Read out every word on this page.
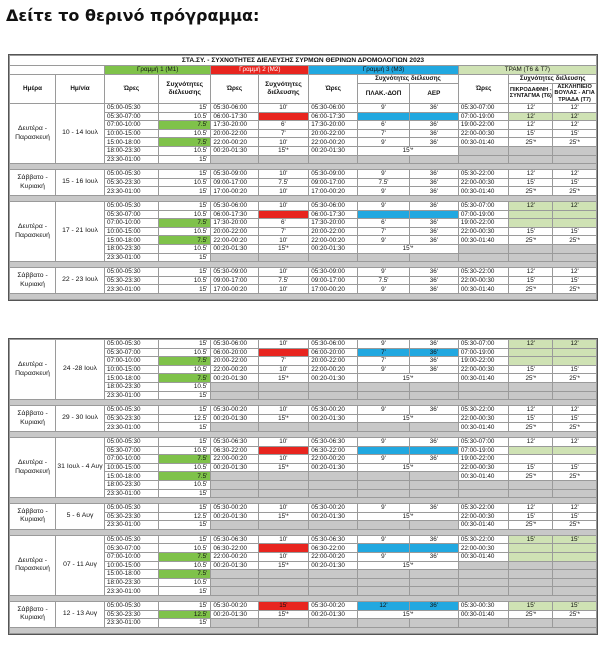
Δείτε το θερινό πρόγραμμα:
ΣΤΑ.ΣΥ. - ΣΥΧΝΟΤΗΤΕΣ ΔΙΕΛΕΥΣΗΣ ΣΥΡΜΩΝ ΘΕΡΙΝΩΝ ΔΡΟΜΟΛΟΓΙΩΝ 2023											
		Γραμμή 1 (Μ1)		Γραμμή 2 (Μ2)		Γραμμή 3 (Μ3)			ΤΡΑΜ (Τ6 & Τ7)		
Ημέρα	Ημ/νία	Ώρες	Συχνότητες διέλευσης	Ώρες	Συχνότητες διέλευσης	Ώρες	Συχνότητες διέλευσης		Ώρες	Συχνότητες διέλευσης	
							ΠΛΑΚ.-ΔΟΠ	ΑΕΡ		ΠΙΚΡΟΔΑΦΝΗ - ΣΥΝΤΑΓΜΑ (Τ6)	ΑΣΚΛΗΠΙΕΙΟ ΒΟΥΛΑΣ - ΑΓΙΑ ΤΡΙΑΔΑ (Τ7)
Δευτέρα - Παρασκευή	10 - 14 Ιουλ	05:00-05:30	15'	05:30-06:00	10'	05:30-06:00	9'	36'	05:30-07:00	12'	12'
		05:30-07:00	10.5'	06:00-17:30		06:00-17:30			07:00-19:00	12'	12'
		07:00-10:00	7.5'	17:30-20:00	6'	17:30-20:00	6'	36'	19:00-22:00	12'	12'
		10:00-15:00	10.5'	20:00-22:00	7'	20:00-22:00	7'	36'	22:00-00:30	15'	15'
		15:00-18:00	7.5'	22:00-00:20	10'	22:00-00:20	9'	36'	00:30-01:40	25'*	25'*
		18:00-23:30	10.5'	00:20-01:30	15'*	00:20-01:30	15'*				
		23:30-01:00	15'								

Σάββατο - Κυριακή	15 - 16 Ιουλ	05:00-05:30	15'	05:30-09:00	10'	05:30-09:00	9'	36'	05:30-22:00	12'	12'
		05:30-23:30	10.5'	09:00-17:00	7.5'	09:00-17:00	7.5'	36'	22:00-00:30	15'	15'
		23:30-01:00	15'	17:00-00:20	10'	17:00-00:20	9'	36'	00:30-01:40	25'*	25'*

Δευτέρα - Παρασκευή	17 - 21 Ιουλ	05:00-05:30	15'	05:30-06:00	10'	05:30-06:00	9'	36'	05:30-07:00	12'	12'
		05:30-07:00	10.5'	06:00-17:30		06:00-17:30			07:00-19:00		
		07:00-10:00	7.5'	17:30-20:00	6'	17:30-20:00	6'	36'	19:00-22:00		
		10:00-15:00	10.5'	20:00-22:00	7'	20:00-22:00	7'	36'	22:00-00:30	15'	15'
		15:00-18:00	7.5'	22:00-00:20	10'	22:00-00:20	9'	36'	00:30-01:40	25'*	25'*
		18:00-23:30	10.5'	00:20-01:30	15'*	00:20-01:30	15'*				
		23:30-01:00	15'								

Σάββατο - Κυριακή	22 - 23 Ιουλ	05:00-05:30	15'	05:30-09:00	10'	05:30-09:00	9'	36'	05:30-22:00	12'	12'
		05:30-23:30	10.5'	09:00-17:00	7.5'	09:00-17:00	7.5'	36'	22:00-00:30	15'	15'
		23:30-01:00	15'	17:00-00:20	10'	17:00-00:20	9'	36'	00:30-01:40	25'*	25'*

Δευτέρα - Παρασκευή	24 -28 Ιουλ	05:00-05:30	15'	05:30-06:00	10'	05:30-06:00	9'	36'	05:30-07:00	12'	12'
		05:30-07:00	10.5'	06:00-20:00		06:00-20:00	7'	36'	07:00-19:00		
		07:00-10:00	7.5'	20:00-22:00	7'	20:00-22:00	7'	36'	19:00-22:00		
		10:00-15:00	10.5'	22:00-00:20	10'	22:00-00:20	9'	36'	22:00-00:30	15'	15'
		15:00-18:00	7.5'	00:20-01:30	15'*	00:20-01:30	15'*		00:30-01:40	25'*	25'*
		18:00-23:30	10.5'								
		23:30-01:00	15'								

Σάββατο - Κυριακή	29 - 30 Ιουλ	05:00-05:30	15'	05:30-00:20	10'	05:30-00:20	9'	36'	05:30-22:00	12'	12'
		05:30-23:30	12.5'	00:20-01:30	15'*	00:20-01:30	15'*		22:00-00:30	15'	15'
		23:30-01:00	15'						00:30-01:40	25'*	25'*

Δευτέρα - Παρασκευή	31 Ιουλ - 4 Αυγ	05:00-05:30	15'	05:30-06:30	10'	05:30-06:30	9'	36'	05:30-07:00	12'	12'
		05:30-07:00	10.5'	06:30-22:00		06:30-22:00			07:00-19:00		
		07:00-10:00	7.5'	22:00-00:20	10'	22:00-00:20	9'	36'	19:00-22:00		
		10:00-15:00	10.5'	00:20-01:30	15'*	00:20-01:30	15'*		22:00-00:30	15'	15'
		15:00-18:00	7.5'						00:30-01:40	25'*	25'*
		18:00-23:30	10.5'								
		23:30-01:00	15'								

Σάββατο - Κυριακή	5 - 6 Αυγ	05:00-05:30	15'	05:30-00:20	10'	05:30-00:20	9'	36'	05:30-22:00	12'	12'
		05:30-23:30	12.5'	00:20-01:30	15'*	00:20-01:30	15'*		22:00-00:30	15'	15'
		23:30-01:00	15'						00:30-01:40	25'*	25'*

Δευτέρα - Παρασκευή	07 - 11 Αυγ	05:00-05:30	15'	05:30-06:30	10'	05:30-06:30	9'	36'	05:30-22:00	15'	15'
		05:30-07:00	10.5'	06:30-22:00		06:30-22:00			22:00-00:30		
		07:00-10:00	7.5'	22:00-00:20	10'	22:00-00:20	9'	36'	00:30-01:40		
		10:00-15:00	10.5'	00:20-01:30	15'*	00:20-01:30	15'*				
		15:00-18:00	7.5'								
		18:00-23:30	10.5'								
		23:30-01:00	15'								

Σάββατο - Κυριακή	12 - 13 Αυγ	05:00-05:30	15'	05:30-00:20	15'	05:30-00:20	12'	36'	05:30-00:30	15'	15'
		05:30-23:30	12.5'	00:20-01:30	15'*	00:20-01:30	15'*		00:30-01:40	25'*	25'*
		23:30-01:00	15'								
